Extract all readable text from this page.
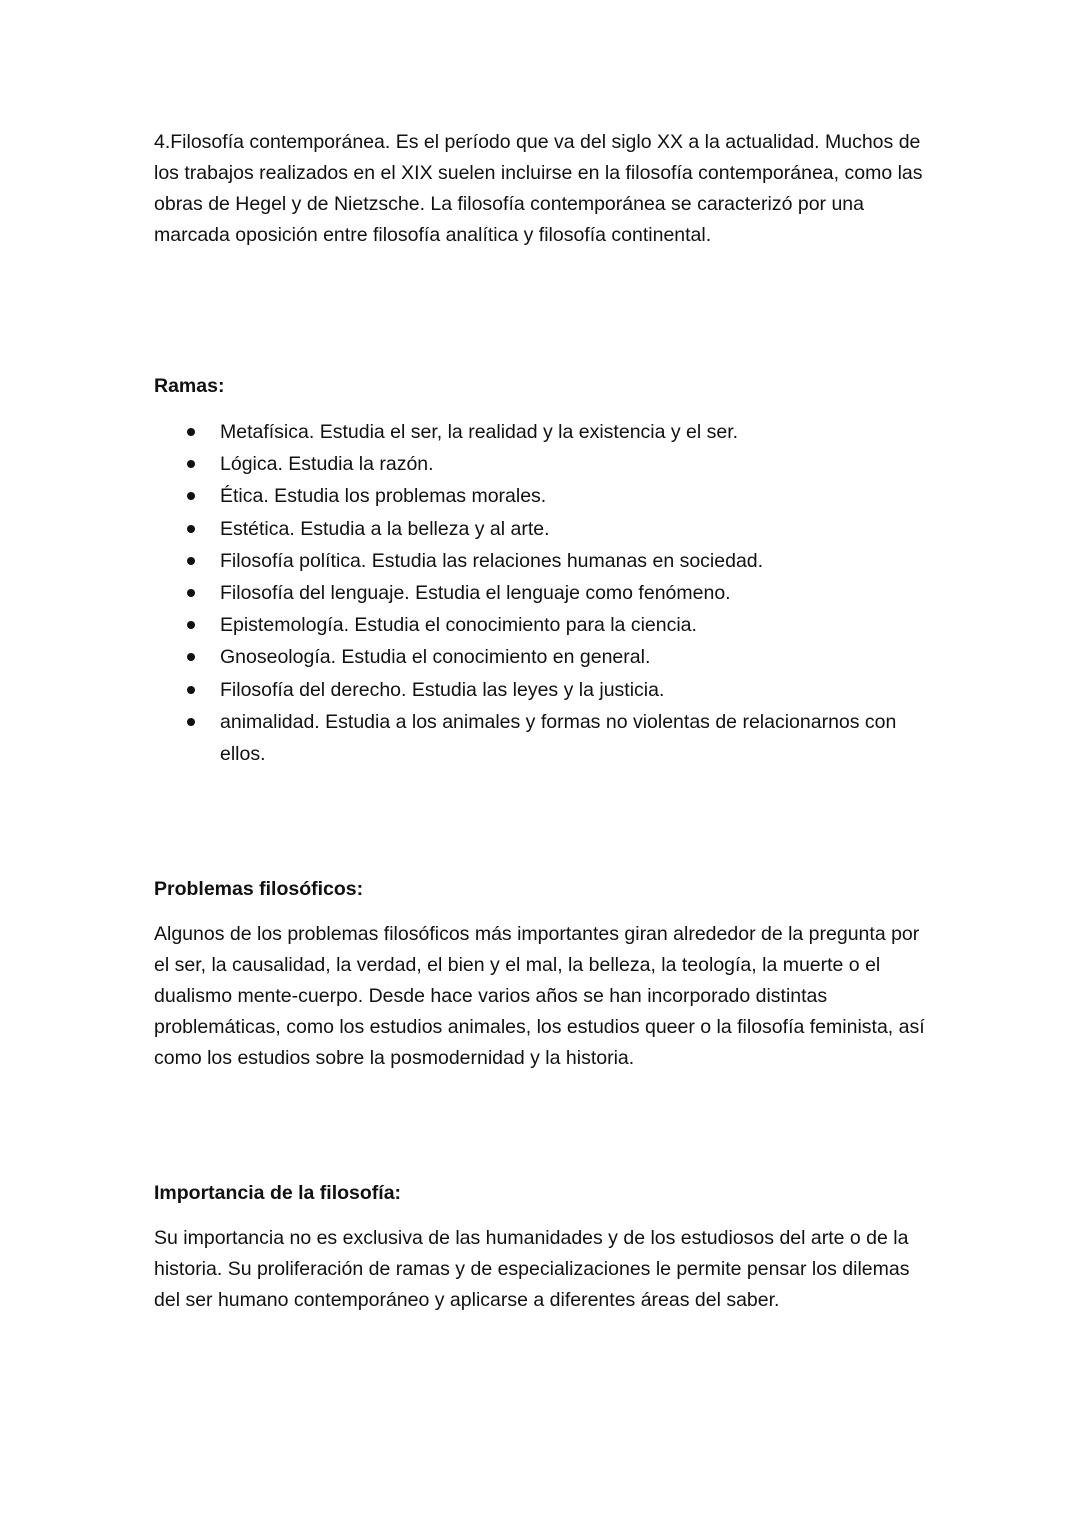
4.Filosofía contemporánea. Es el período que va del siglo XX a la actualidad. Muchos de los trabajos realizados en el XIX suelen incluirse en la filosofía contemporánea, como las obras de Hegel y de Nietzsche. La filosofía contemporánea se caracterizó por una marcada oposición entre filosofía analítica y filosofía continental.

Ramas:

Metafísica. Estudia el ser, la realidad y la existencia y el ser.
Lógica. Estudia la razón.
Ética. Estudia los problemas morales.
Estética. Estudia a la belleza y al arte.
Filosofía política. Estudia las relaciones humanas en sociedad.
Filosofía del lenguaje. Estudia el lenguaje como fenómeno.
Epistemología. Estudia el conocimiento para la ciencia.
Gnoseología. Estudia el conocimiento en general.
Filosofía del derecho. Estudia las leyes y la justicia.
animalidad. Estudia a los animales y formas no violentas de relacionarnos con ellos.

Problemas filosóficos:

Algunos de los problemas filosóficos más importantes giran alrededor de la pregunta por el ser, la causalidad, la verdad, el bien y el mal, la belleza, la teología, la muerte o el dualismo mente-cuerpo. Desde hace varios años se han incorporado distintas problemáticas, como los estudios animales, los estudios queer o la filosofía feminista, así como los estudios sobre la posmodernidad y la historia.

Importancia de la filosofía:

Su importancia no es exclusiva de las humanidades y de los estudiosos del arte o de la historia. Su proliferación de ramas y de especializaciones le permite pensar los dilemas del ser humano contemporáneo y aplicarse a diferentes áreas del saber.
